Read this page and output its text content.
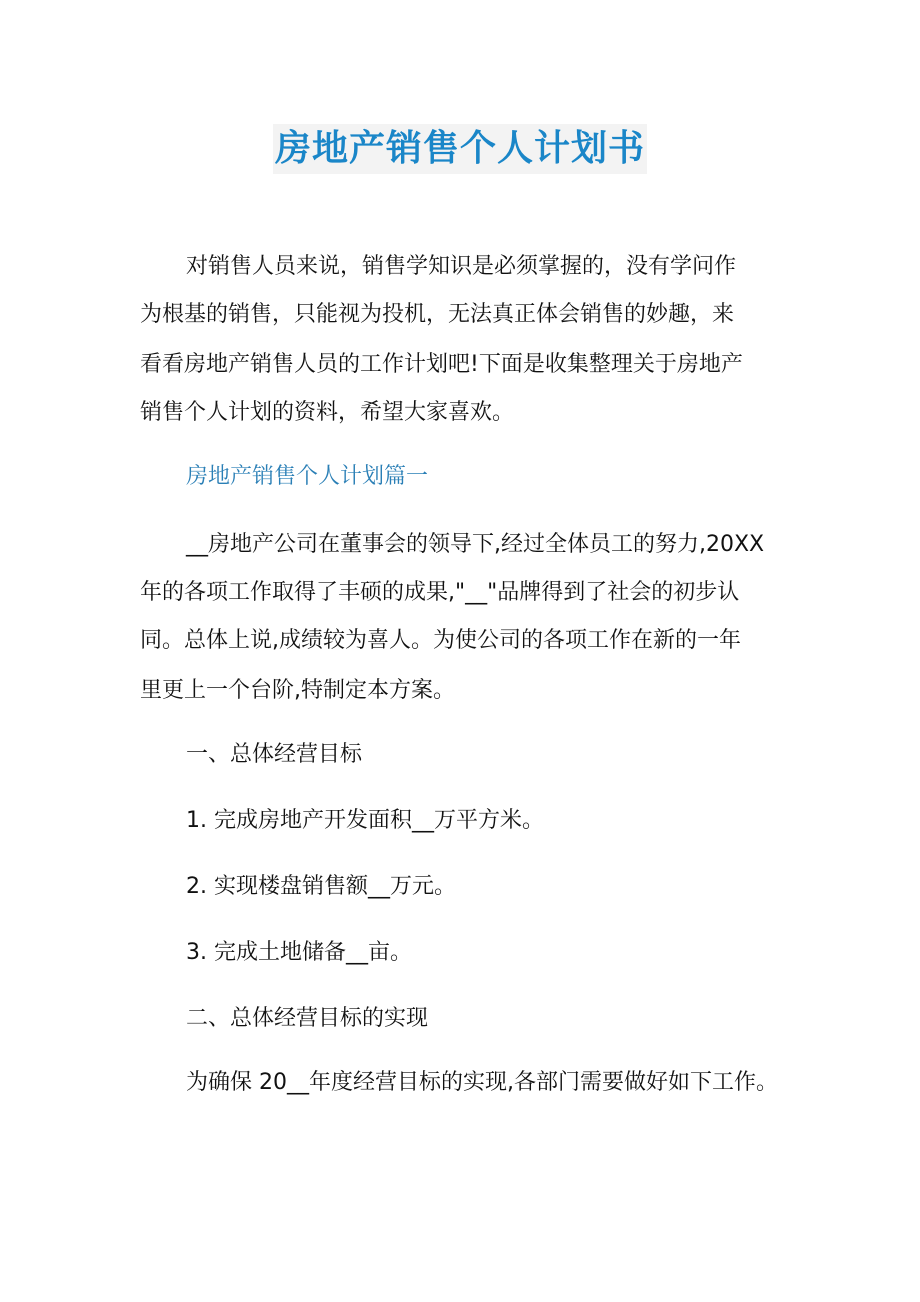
房地产销售个人计划书

对销售人员来说，销售学知识是必须掌握的，没有学问作

为根基的销售，只能视为投机，无法真正体会销售的妙趣，来

看看房地产销售人员的工作计划吧!下面是收集整理关于房地产

销售个人计划的资料，希望大家喜欢。

房地产销售个人计划篇一

__房地产公司在董事会的领导下,经过全体员工的努力,20XX

年的各项工作取得了丰硕的成果,"__"品牌得到了社会的初步认

同。总体上说,成绩较为喜人。为使公司的各项工作在新的一年

里更上一个台阶,特制定本方案。

一、总体经营目标

1. 完成房地产开发面积__万平方米。

2. 实现楼盘销售额__万元。

3. 完成土地储备__亩。

二、总体经营目标的实现

为确保 20__年度经营目标的实现,各部门需要做好如下工作。
